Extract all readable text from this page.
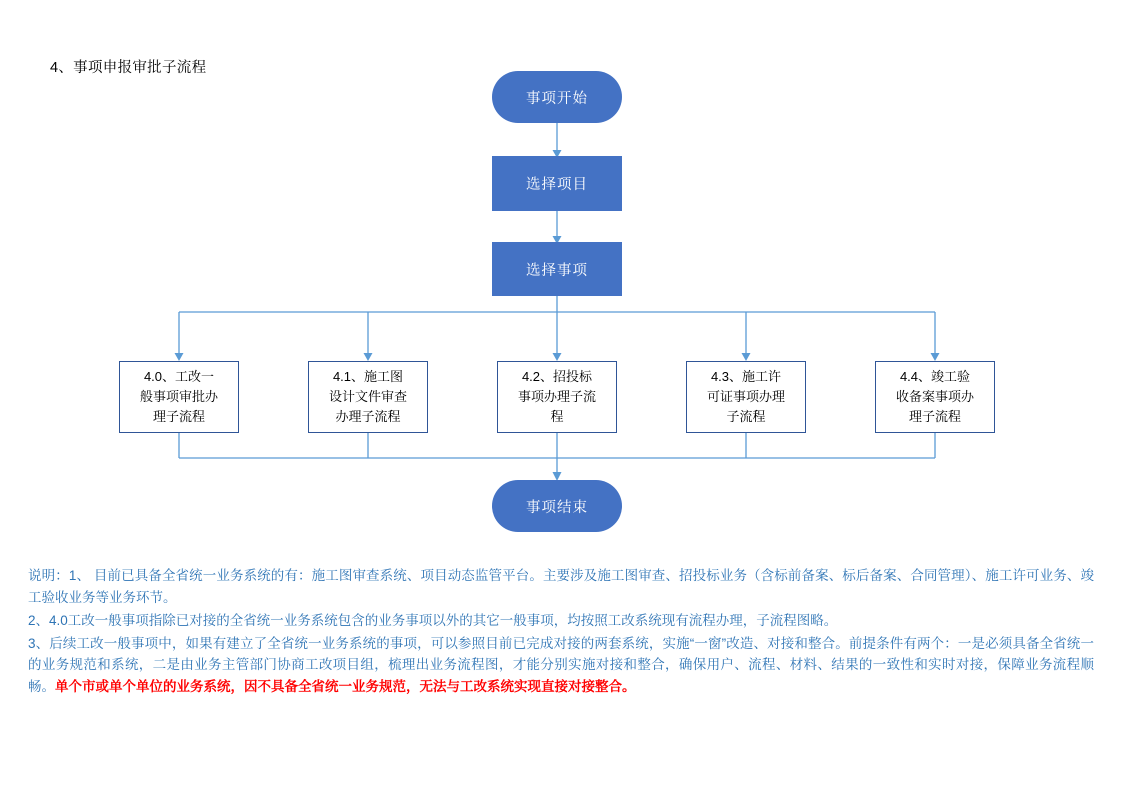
4、事项申报审批子流程
事项开始
选择项目
选择事项
4.0、工改一
般事项审批办
理子流程
4.1、施工图
设计文件审查
办理子流程
4.2、招投标
事项办理子流
程
4.3、施工许
可证事项办理
子流程
4.4、竣工验
收备案事项办
理子流程
事项结束

说明：1、 目前已具备全省统一业务系统的有：施工图审查系统、项目动态监管平台。主要涉及施工图审查、招投标业务（含标前备案、标后备案、合同管理）、施工许可业务、竣工验收业务等业务环节。

2、4.0工改一般事项指除已对接的全省统一业务系统包含的业务事项以外的其它一般事项，均按照工改系统现有流程办理，子流程图略。

3、后续工改一般事项中，如果有建立了全省统一业务系统的事项，可以参照目前已完成对接的两套系统，实施“一窗”改造、对接和整合。前提条件有两个：一是必须具备全省统一的业务规范和系统，二是由业务主管部门协商工改项目组，梳理出业务流程图，才能分别实施对接和整合，确保用户、流程、材料、结果的一致性和实时对接，保障业务流程顺畅。单个市或单个单位的业务系统，因不具备全省统一业务规范，无法与工改系统实现直接对接整合。
